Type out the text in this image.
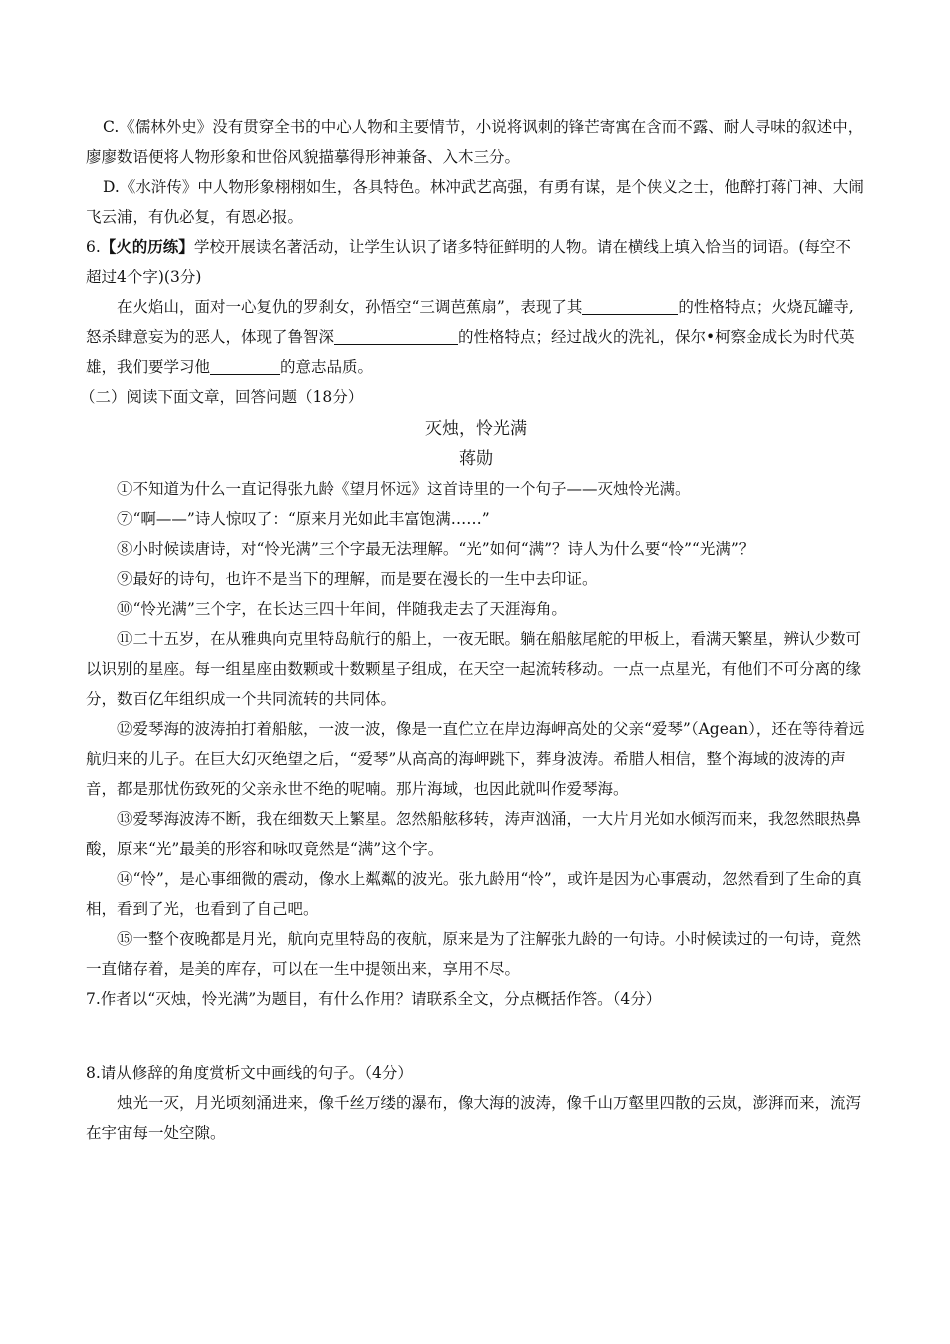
C.《儒林外史》没有贯穿全书的中心人物和主要情节，小说将讽刺的锋芒寄寓在含而不露、耐人寻味的叙述中，廖廖数语便将人物形象和世俗风貌描摹得形神兼备、入木三分。

D.《水浒传》中人物形象栩栩如生，各具特色。林冲武艺高强，有勇有谋，是个侠义之士，他醉打蒋门神、大闹飞云浦，有仇必复，有恩必报。

6.【火的历练】学校开展读名著活动，让学生认识了诸多特征鲜明的人物。请在横线上填入恰当的词语。(每空不超过4个字)(3分)

在火焰山，面对一心复仇的罗刹女，孙悟空“三调芭蕉扇”，表现了其	的性格特点；火烧瓦罐寺,怒杀肆意妄为的恶人，体现了鲁智深	的性格特点；经过战火的洗礼，保尔•柯察金成长为时代英雄，我们要学习他	的意志品质。

（二）阅读下面文章，回答问题（18分）

灭烛，怜光满

蒋勋

①不知道为什么一直记得张九龄《望月怀远》这首诗里的一个句子——灭烛怜光满。

⑦“啊——”诗人惊叹了：“原来月光如此丰富饱满……”

⑧小时候读唐诗，对“怜光满”三个字最无法理解。“光”如何“满”？诗人为什么要“怜”“光满”？

⑨最好的诗句，也许不是当下的理解，而是要在漫长的一生中去印证。

⑩“怜光满”三个字，在长达三四十年间，伴随我走去了天涯海角。

⑪二十五岁，在从雅典向克里特岛航行的船上，一夜无眠。躺在船舷尾舵的甲板上，看满天繁星，辨认少数可以识别的星座。每一组星座由数颗或十数颗星子组成，在天空一起流转移动。一点一点星光，有他们不可分离的缘分，数百亿年组织成一个共同流转的共同体。

⑫爱琴海的波涛拍打着船舷，一波一波，像是一直伫立在岸边海岬高处的父亲“爱琴”（Agean），还在等待着远航归来的儿子。在巨大幻灭绝望之后，“爱琴”从高高的海岬跳下，葬身波涛。希腊人相信，整个海域的波涛的声音，都是那忧伤致死的父亲永世不绝的呢喃。那片海域，也因此就叫作爱琴海。

⑬爱琴海波涛不断，我在细数天上繁星。忽然船舷移转，涛声汹涌，一大片月光如水倾泻而来，我忽然眼热鼻酸，原来“光”最美的形容和咏叹竟然是“满”这个字。

⑭“怜”，是心事细微的震动，像水上粼粼的波光。张九龄用“怜”，或许是因为心事震动，忽然看到了生命的真相，看到了光，也看到了自己吧。

⑮一整个夜晚都是月光，航向克里特岛的夜航，原来是为了注解张九龄的一句诗。小时候读过的一句诗，竟然一直储存着，是美的库存，可以在一生中提领出来，享用不尽。

7.作者以“灭烛，怜光满”为题目，有什么作用？请联系全文，分点概括作答。（4分）

8.请从修辞的角度赏析文中画线的句子。（4分）

烛光一灭，月光顷刻涌进来，像千丝万缕的瀑布，像大海的波涛，像千山万壑里四散的云岚，澎湃而来，流泻在宇宙每一处空隙。
